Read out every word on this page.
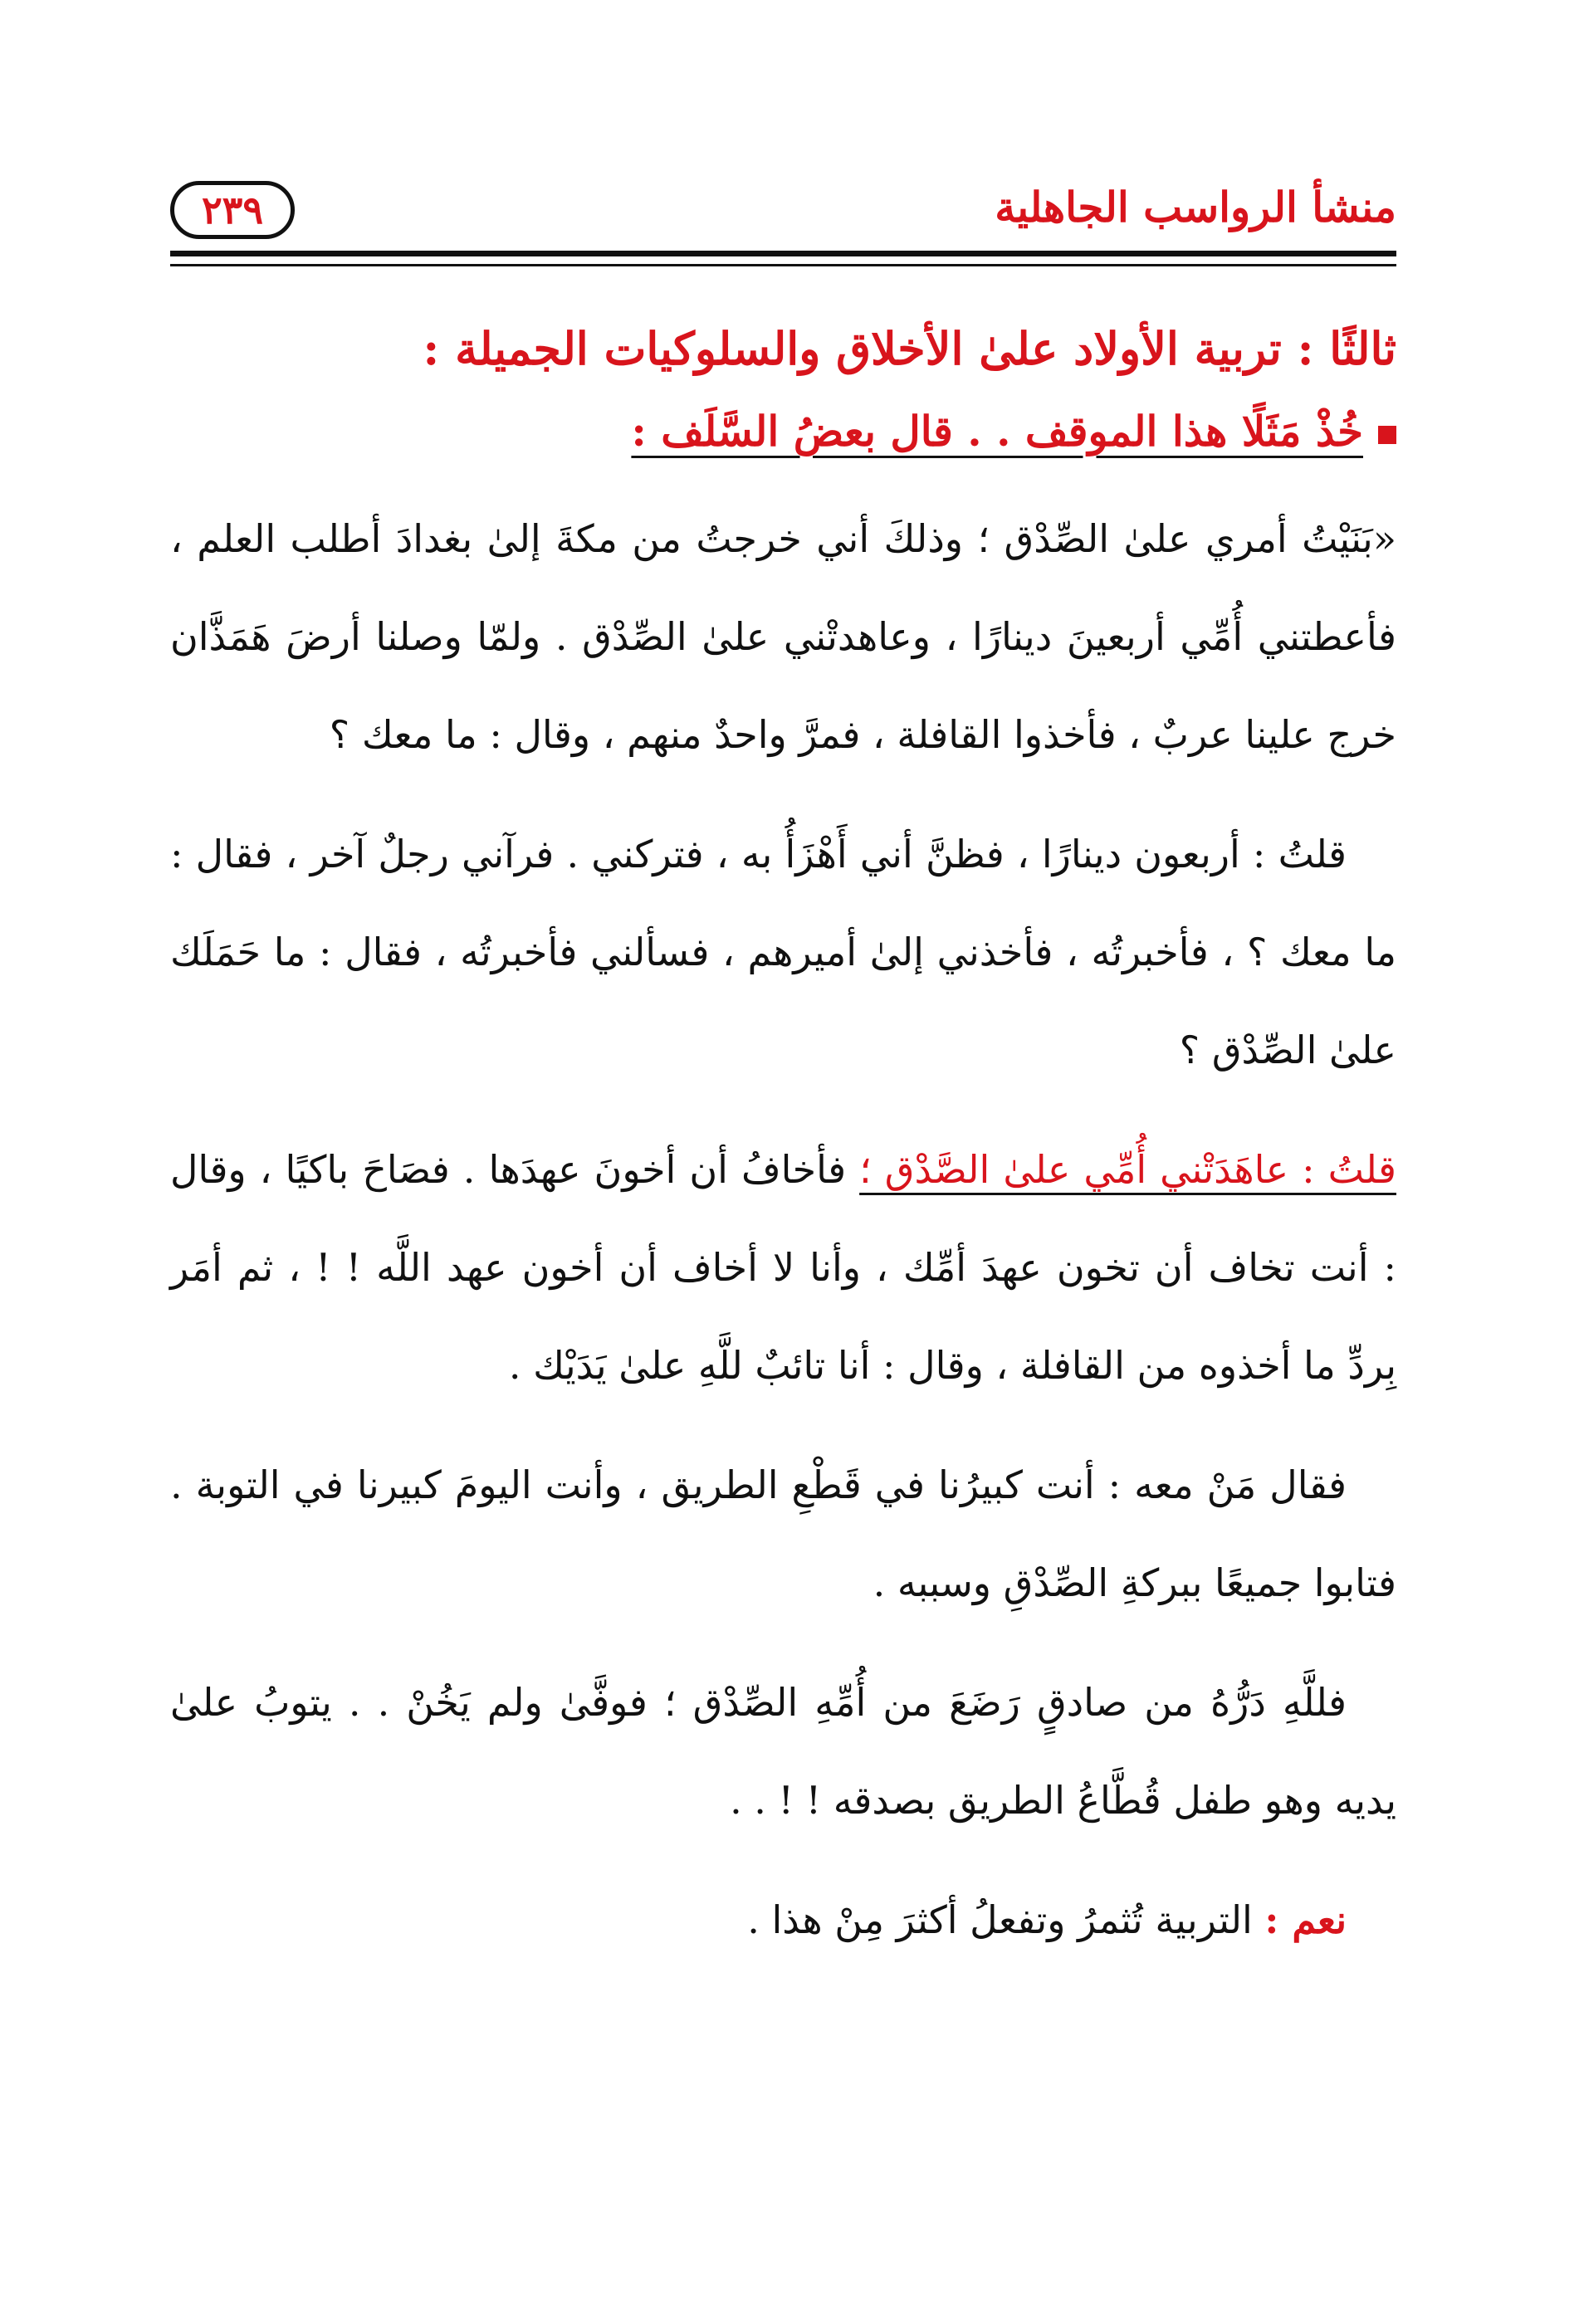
منشأ الرواسب الجاهلية
٢٣٩

ثالثًا : تربية الأولاد علىٰ الأخلاق والسلوكيات الجميلة :

خُذْ مَثَلًا هذا الموقف . . قال بعضُ السَّلَف :

«بَنَيْتُ أمري علىٰ الصِّدْق ؛ وذلكَ أني خرجتُ من مكةَ إلىٰ بغدادَ أطلب العلم ، فأعطتني أُمِّي أربعينَ دينارًا ، وعاهدتْني علىٰ الصِّدْق . ولمّا وصلنا أرضَ هَمَذَّان خرج علينا عربٌ ، فأخذوا القافلة ، فمرَّ واحدٌ منهم ، وقال : ما معك ؟

قلتُ : أربعون دينارًا ، فظنَّ أني أَهْزَأُ به ، فتركني . فرآني رجلٌ آخر ، فقال : ما معك ؟ ، فأخبرتُه ، فأخذني إلىٰ أميرهم ، فسألني فأخبرتُه ، فقال : ما حَمَلَك علىٰ الصِّدْق ؟

قلتُ : عاهَدَتْني أُمِّي علىٰ الصَّدْق ؛ فأخافُ أن أخونَ عهدَها . فصَاحَ باكيًا ، وقال : أنت تخاف أن تخون عهدَ أمِّك ، وأنا لا أخاف أن أخون عهد اللَّه ! ! ، ثم أمَر بِردِّ ما أخذوه من القافلة ، وقال : أنا تائبٌ للَّهِ علىٰ يَدَيْك .

فقال مَنْ معه : أنت كبيرُنا في قَطْعِ الطريق ، وأنت اليومَ كبيرنا في التوبة . فتابوا جميعًا ببركةِ الصِّدْقِ وسببه .

فللَّهِ دَرُّهُ من صادقٍ رَضَعَ من أُمِّهِ الصِّدْق ؛ فوفَّىٰ ولم يَخُنْ . . يتوبُ علىٰ يديه وهو طفل قُطَّاعُ الطريق بصدقه ! ! . .

نعم : التربية تُثمرُ وتفعلُ أكثرَ مِنْ هذا .
